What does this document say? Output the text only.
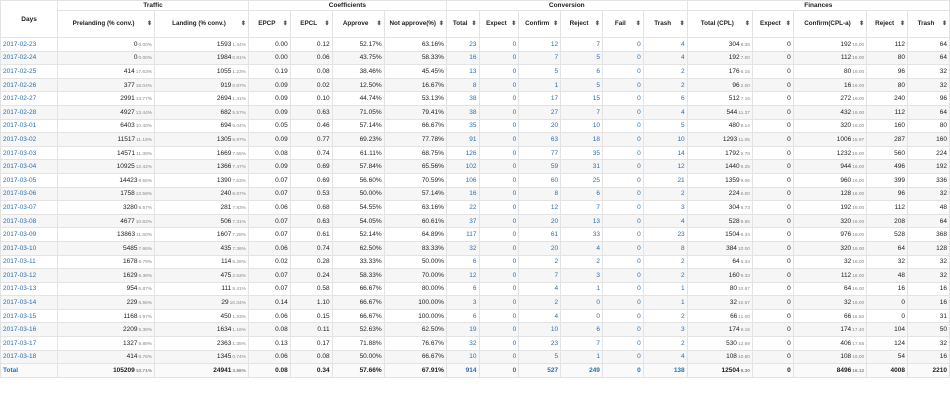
Days	Traffic		Coefficients				Conversion						Finances				
	Prelanding (% conv.) ⬍	Landing (% conv.) ⬍	EPCP ⬍	EPCL ⬍	Approve ⬍	Not approve(%) ⬍	Total ⬍	Expect ⬍	Confirm ⬍	Reject ⬍	Fail ⬍	Trash ⬍	Total (CPL) ⬍	Expect ⬍	Confirm(CPL-a) ⬍	Reject ⬍	Trash ⬍

2017-02-23	00.00%	15931.44%	0.00	0.12	52.17%	63.16%	23	0	12	7	0	4	3048.35	0	19216.00	112	64
2017-02-24	00.00%	19840.81%	0.00	0.06	43.75%	58.33%	16	0	7	5	0	4	1927.00	0	11216.00	80	64
2017-02-25	41417.63%	10551.23%	0.19	0.08	38.46%	45.45%	13	0	5	6	0	2	1766.15	0	8016.00	96	32
2017-02-26	37718.04%	9190.87%	0.09	0.02	12.50%	16.67%	8	0	1	5	0	2	962.00	0	1616.00	80	32
2017-02-27	299113.77%	26941.41%	0.09	0.10	44.74%	53.13%	38	0	17	15	0	6	5127.16	0	27216.00	240	96
2017-02-28	492713.44%	6825.57%	0.09	0.63	71.05%	79.41%	38	0	27	7	0	4	54411.37	0	43216.00	112	64
2017-03-01	640310.40%	6945.04%	0.05	0.46	57.14%	66.67%	35	0	20	10	0	5	4809.14	0	32016.00	160	80
2017-03-02	1151711.18%	13056.97%	0.09	0.77	69.23%	77.78%	91	0	63	18	0	10	129311.05	0	100615.97	287	160
2017-03-03	1457111.38%	16697.55%	0.08	0.74	61.11%	68.75%	126	0	77	35	0	14	17929.78	0	123216.00	560	224
2017-03-04	1092512.42%	13667.47%	0.09	0.69	57.84%	65.56%	102	0	59	31	0	12	14409.25	0	94416.00	496	192
2017-03-05	144239.55%	13907.63%	0.07	0.69	56.60%	70.59%	106	0	60	25	0	21	13599.06	0	96016.00	399	336
2017-03-06	175813.59%	2406.67%	0.07	0.53	50.00%	57.14%	16	0	8	6	0	2	2248.00	0	12816.00	96	32
2017-03-07	32808.57%	2817.83%	0.06	0.68	54.55%	63.16%	22	0	12	7	0	3	3048.73	0	19216.00	112	48
2017-03-08	467710.82%	5067.31%	0.07	0.63	54.05%	60.61%	37	0	20	13	0	4	5288.65	0	32016.00	208	64
2017-03-09	1386311.60%	16077.28%	0.07	0.61	52.14%	64.89%	117	0	61	33	0	23	15048.34	0	97616.00	528	368
2017-03-10	54857.66%	4357.36%	0.06	0.74	62.50%	83.33%	32	0	20	4	0	8	38410.00	0	32016.00	64	128
2017-03-11	16786.79%	1145.26%	0.02	0.28	33.33%	50.00%	6	0	2	2	0	2	645.33	0	3216.00	32	32
2017-03-12	16296.38%	4752.53%	0.07	0.24	58.33%	70.00%	12	0	7	3	0	2	1609.33	0	11216.00	48	32
2017-03-13	9546.87%	1115.41%	0.07	0.58	66.67%	80.00%	6	0	4	1	0	1	8010.67	0	6416.00	16	16
2017-03-14	2296.55%	2910.34%	0.14	1.10	66.67%	100.00%	3	0	2	0	0	1	3210.67	0	3216.00	0	16
2017-03-15	11684.97%	4501.33%	0.06	0.15	66.67%	100.00%	6	0	4	0	0	2	6611.00	0	6616.50	0	31
2017-03-16	22096.38%	16341.16%	0.08	0.11	52.63%	62.50%	19	0	10	6	0	3	1749.16	0	17417.40	104	50
2017-03-17	13278.89%	23631.35%	0.13	0.17	71.88%	76.67%	32	0	23	7	0	2	53012.69	0	40617.65	124	32
2017-03-18	4146.76%	13450.74%	0.06	0.08	50.00%	66.67%	10	0	5	1	0	4	10810.80	0	10816.00	54	16
Total	10520910.71%	249413.66%	0.08	0.34	57.66%	67.91%	914	0	527	249	0	138	125049.30	0	849616.12	4008	2210
